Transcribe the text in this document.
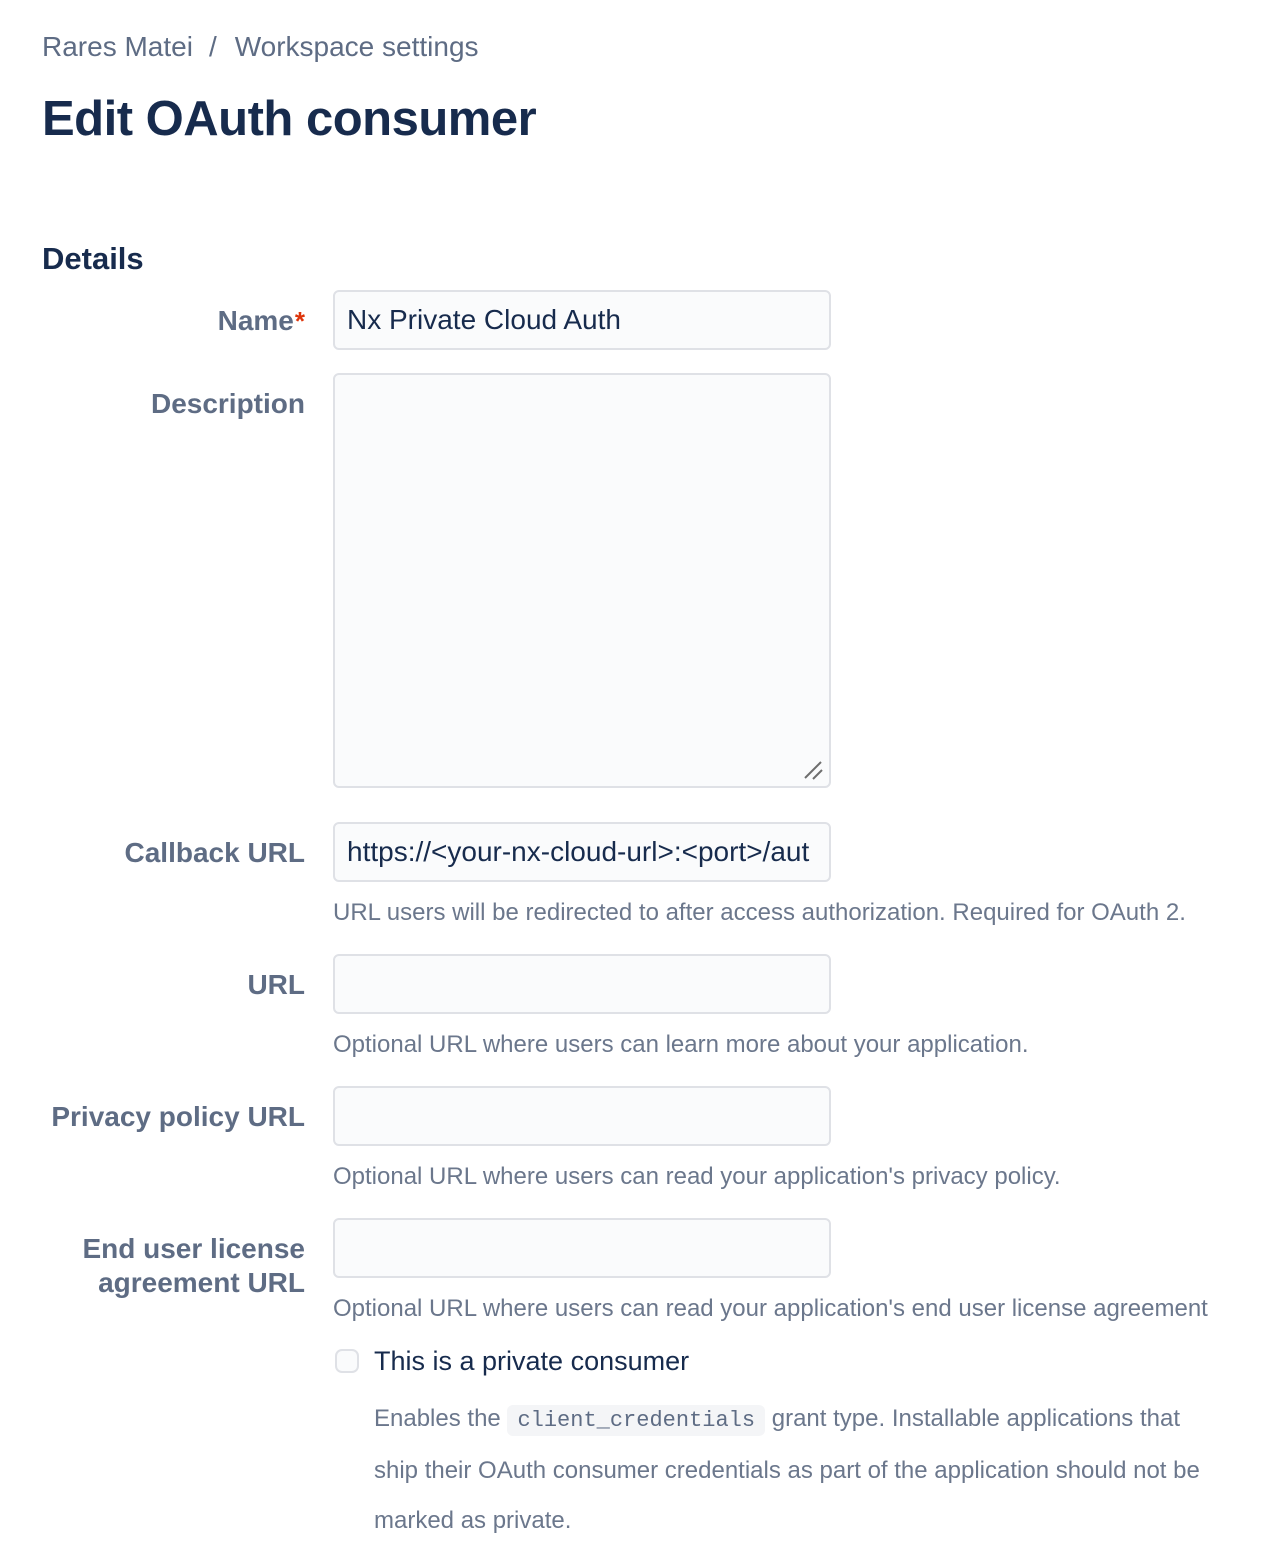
Rares Matei / Workspace settings
Edit OAuth consumer
Details
Name*
Nx Private Cloud Auth
Description
Callback URL
https://<your-nx-cloud-url>:<port>/aut
URL users will be redirected to after access authorization. Required for OAuth 2.
URL
Optional URL where users can learn more about your application.
Privacy policy URL
Optional URL where users can read your application's privacy policy.
End user license agreement URL
Optional URL where users can read your application's end user license agreement
This is a private consumer

Enables the client_credentials grant type. Installable applications that ship their OAuth consumer credentials as part of the application should not be marked as private.
